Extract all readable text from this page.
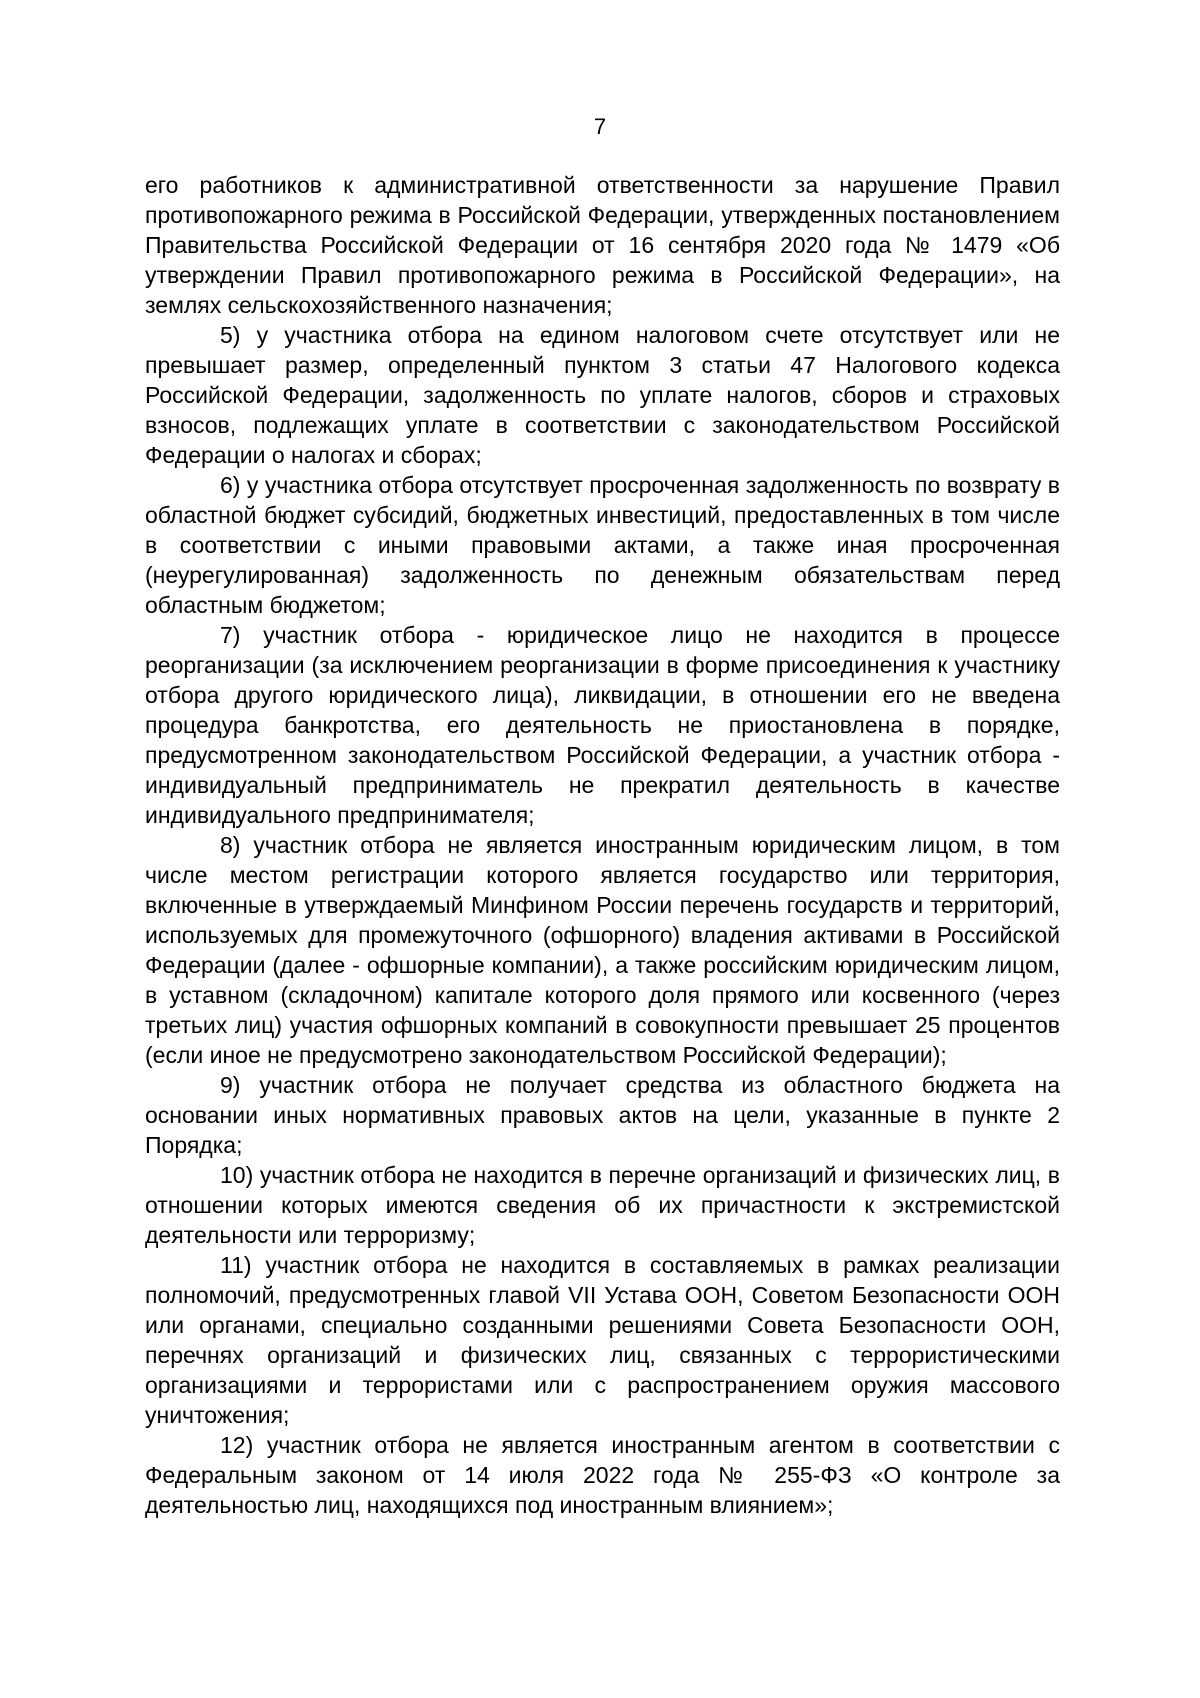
7

его работников к административной ответственности за нарушение Правил противопожарного режима в Российской Федерации, утвержденных постановлением Правительства Российской Федерации от 16 сентября 2020 года № 1479 «Об утверждении Правил противопожарного режима в Российской Федерации», на землях сельскохозяйственного назначения;

5) у участника отбора на едином налоговом счете отсутствует или не превышает размер, определенный пунктом 3 статьи 47 Налогового кодекса Российской Федерации, задолженность по уплате налогов, сборов и страховых взносов, подлежащих уплате в соответствии с законодательством Российской Федерации о налогах и сборах;

6) у участника отбора отсутствует просроченная задолженность по возврату в областной бюджет субсидий, бюджетных инвестиций, предоставленных в том числе в соответствии с иными правовыми актами, а также иная просроченная (неурегулированная) задолженность по денежным обязательствам перед областным бюджетом;

7) участник отбора - юридическое лицо не находится в процессе реорганизации (за исключением реорганизации в форме присоединения к участнику отбора другого юридического лица), ликвидации, в отношении его не введена процедура банкротства, его деятельность не приостановлена в порядке, предусмотренном законодательством Российской Федерации, а участник отбора - индивидуальный предприниматель не прекратил деятельность в качестве индивидуального предпринимателя;

8) участник отбора не является иностранным юридическим лицом, в том числе местом регистрации которого является государство или территория, включенные в утверждаемый Минфином России перечень государств и территорий, используемых для промежуточного (офшорного) владения активами в Российской Федерации (далее - офшорные компании), а также российским юридическим лицом, в уставном (складочном) капитале которого доля прямого или косвенного (через третьих лиц) участия офшорных компаний в совокупности превышает 25 процентов (если иное не предусмотрено законодательством Российской Федерации);

9) участник отбора не получает средства из областного бюджета на основании иных нормативных правовых актов на цели, указанные в пункте 2 Порядка;

10) участник отбора не находится в перечне организаций и физических лиц, в отношении которых имеются сведения об их причастности к экстремистской деятельности или терроризму;

11) участник отбора не находится в составляемых в рамках реализации полномочий, предусмотренных главой VII Устава ООН, Советом Безопасности ООН или органами, специально созданными решениями Совета Безопасности ООН, перечнях организаций и физических лиц, связанных с террористическими организациями и террористами или с распространением оружия массового уничтожения;

12) участник отбора не является иностранным агентом в соответствии с Федеральным законом от 14 июля 2022 года № 255-ФЗ «О контроле за деятельностью лиц, находящихся под иностранным влиянием»;
